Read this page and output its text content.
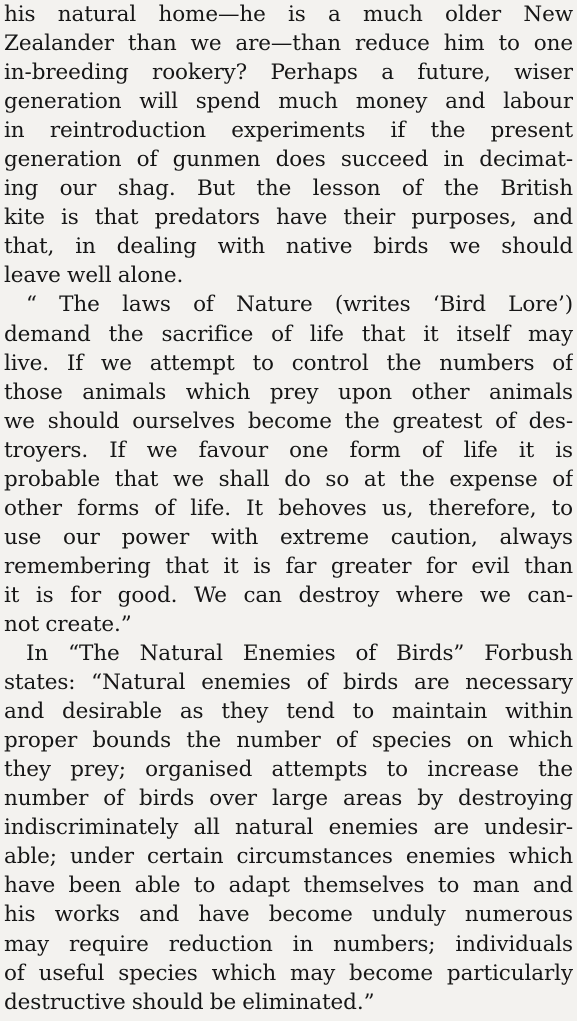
his natural home—he is a much older New
Zealander than we are—than reduce him to one
in-breeding rookery? Perhaps a future, wiser
generation will spend much money and labour
in reintroduction experiments if the present
generation of gunmen does succeed in decimat-
ing our shag. But the lesson of the British
kite is that predators have their purposes, and
that, in dealing with native birds we should
leave well alone.
“ The laws of Nature (writes ‘Bird Lore’)
demand the sacrifice of life that it itself may
live. If we attempt to control the numbers of
those animals which prey upon other animals
we should ourselves become the greatest of des-
troyers. If we favour one form of life it is
probable that we shall do so at the expense of
other forms of life. It behoves us, therefore, to
use our power with extreme caution, always
remembering that it is far greater for evil than
it is for good. We can destroy where we can-
not create.”
In “The Natural Enemies of Birds” Forbush
states: “Natural enemies of birds are necessary
and desirable as they tend to maintain within
proper bounds the number of species on which
they prey; organised attempts to increase the
number of birds over large areas by destroying
indiscriminately all natural enemies are undesir-
able; under certain circumstances enemies which
have been able to adapt themselves to man and
his works and have become unduly numerous
may require reduction in numbers; individuals
of useful species which may become particularly
destructive should be eliminated.”
